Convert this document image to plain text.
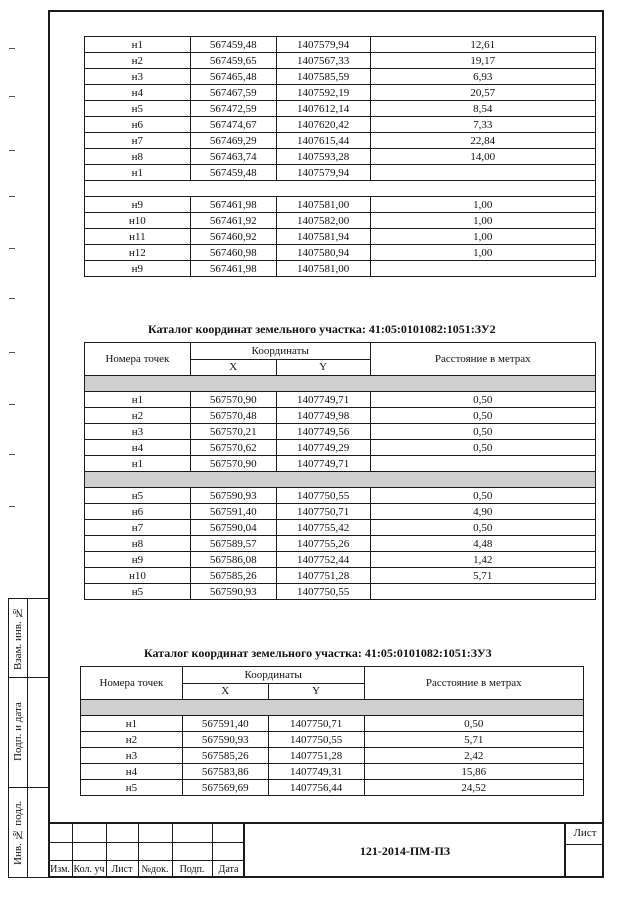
Взам. инв. №
Подп. и дата
Инв. № подл.
н1	567459,48	1407579,94	12,61
н2	567459,65	1407567,33	19,17
н3	567465,48	1407585,59	6,93
н4	567467,59	1407592,19	20,57
н5	567472,59	1407612,14	8,54
н6	567474,67	1407620,42	7,33
н7	567469,29	1407615,44	22,84
н8	567463,74	1407593,28	14,00
н1	567459,48	1407579,94	

н9	567461,98	1407581,00	1,00
н10	567461,92	1407582,00	1,00
н11	567460,92	1407581,94	1,00
н12	567460,98	1407580,94	1,00
н9	567461,98	1407581,00	
Каталог координат земельного участка: 41:05:0101082:1051:ЗУ2
Номера точек	Координаты		Расстояние в метрах
	X	Y	

н1	567570,90	1407749,71	0,50
н2	567570,48	1407749,98	0,50
н3	567570,21	1407749,56	0,50
н4	567570,62	1407749,29	0,50
н1	567570,90	1407749,71	

н5	567590,93	1407750,55	0,50
н6	567591,40	1407750,71	4,90
н7	567590,04	1407755,42	0,50
н8	567589,57	1407755,26	4,48
н9	567586,08	1407752,44	1,42
н10	567585,26	1407751,28	5,71
н5	567590,93	1407750,55	
Каталог координат земельного участка: 41:05:0101082:1051:ЗУ3
Номера точек	Координаты		Расстояние в метрах
	X	Y	

н1	567591,40	1407750,71	0,50
н2	567590,93	1407750,55	5,71
н3	567585,26	1407751,28	2,42
н4	567583,86	1407749,31	15,86
н5	567569,69	1407756,44	24,52
Изм. Кол. уч Лист №док.	Подп.	Дата
121-2014-ПМ-ПЗ
Лист
